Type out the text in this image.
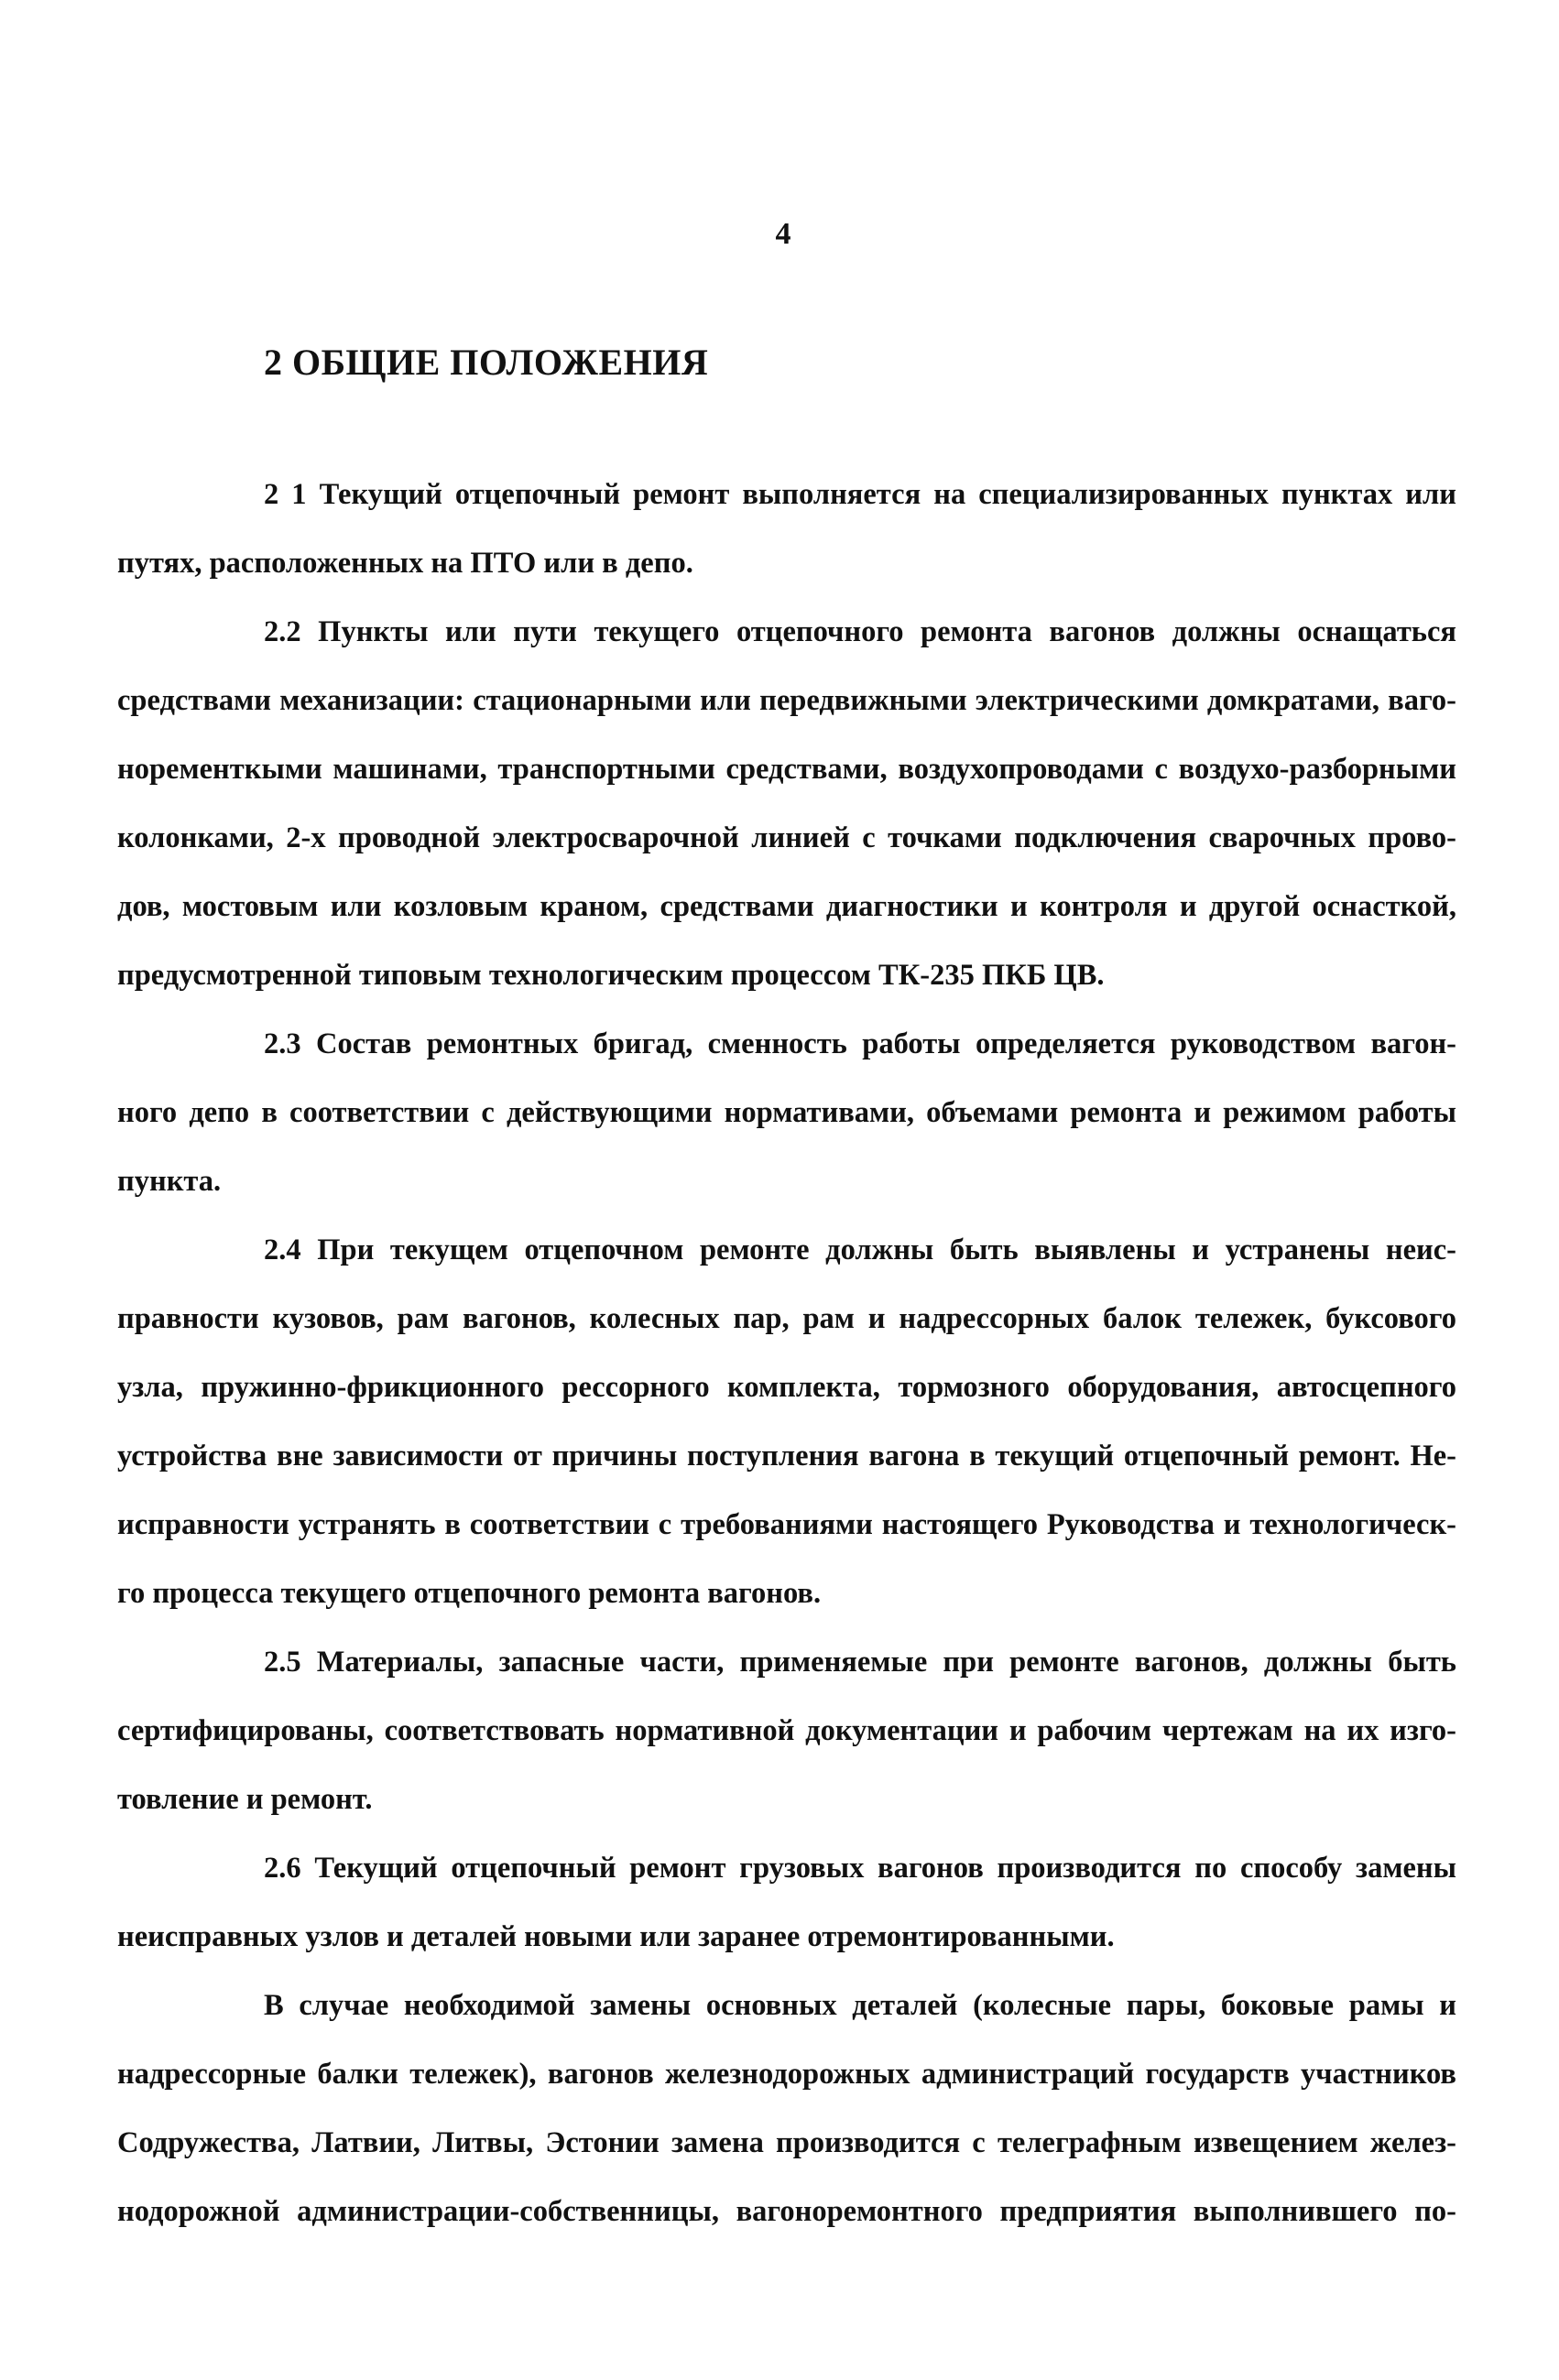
4
2 ОБЩИЕ ПОЛОЖЕНИЯ
2 1 Текущий отцепочный ремонт выполняется на специализированных пунктах или
путях, расположенных на ПТО или в депо.
2.2 Пункты или пути текущего отцепочного ремонта вагонов должны оснащаться
средствами механизации: стационарными или передвижными электрическими домкратами, ваго-
норементкыми машинами, транспортными средствами, воздухопроводами с воздухо-разборными
колонками, 2-х проводной электросварочной линией с точками подключения сварочных прово-
дов, мостовым или козловым краном, средствами диагностики и контроля и другой оснасткой,
предусмотренной типовым технологическим процессом ТК-235 ПКБ ЦВ.
2.3 Состав ремонтных бригад, сменность работы определяется руководством вагон-
ного депо в соответствии с действующими нормативами, объемами ремонта и режимом работы
пункта.
2.4 При текущем отцепочном ремонте должны быть выявлены и устранены неис-
правности кузовов, рам вагонов, колесных пар, рам и надрессорных балок тележек, буксового
узла, пружинно-фрикционного рессорного комплекта, тормозного оборудования, автосцепного
устройства вне зависимости от причины поступления вагона в текущий отцепочный ремонт. Не-
исправности устранять в соответствии с требованиями настоящего Руководства и технологическ-
го процесса текущего отцепочного ремонта вагонов.
2.5 Материалы, запасные части, применяемые при ремонте вагонов, должны быть
сертифицированы, соответствовать нормативной документации и рабочим чертежам на их изго-
товление и ремонт.
2.6 Текущий отцепочный ремонт грузовых вагонов производится по способу замены
неисправных узлов и деталей новыми или заранее отремонтированными.
В случае необходимой замены основных деталей (колесные пары, боковые рамы и
надрессорные балки тележек), вагонов железнодорожных администраций государств участников
Содружества, Латвии, Литвы, Эстонии замена производится с телеграфным извещением желез-
нодорожной администрации-собственницы, вагоноремонтного предприятия выполнившего по-
